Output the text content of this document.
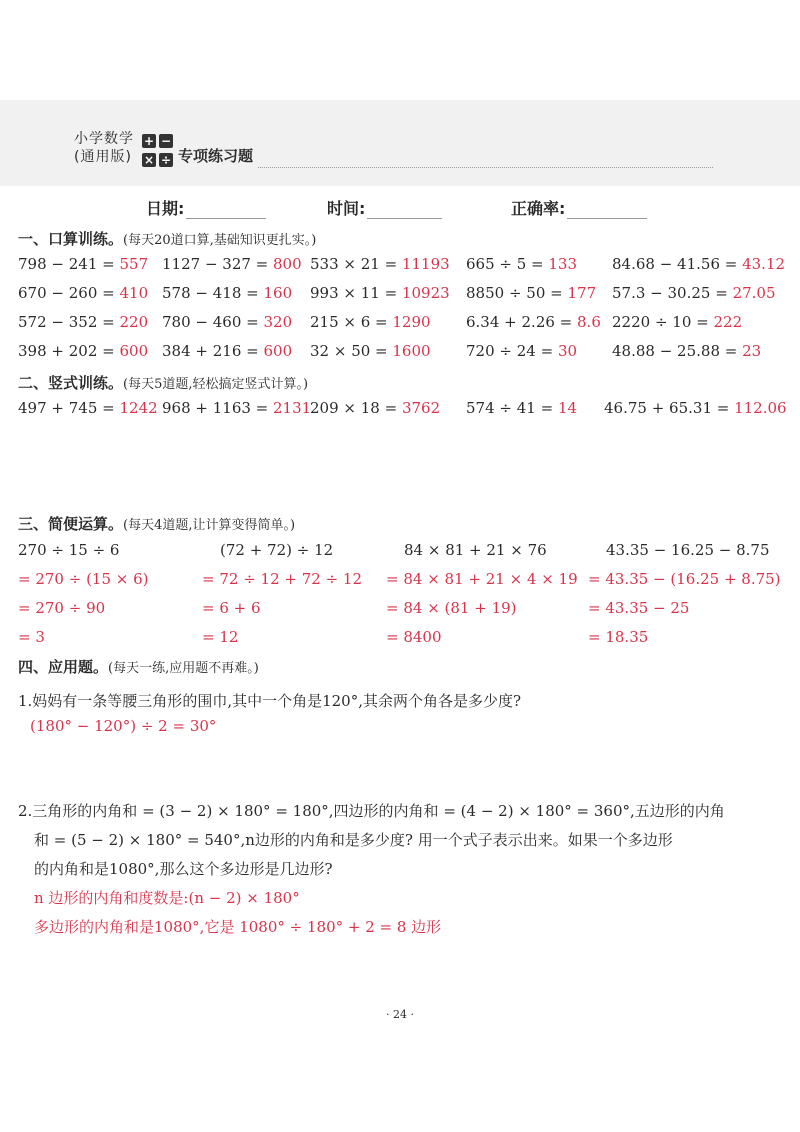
小学数学
(通用版)
+ −
× ÷ 专项练习题
日期:	时间:	正确率:
一、口算训练。(每天20道口算,基础知识更扎实。)
798 − 241 = 557 1127 − 327 = 800 533 × 21 = 11193 665 ÷ 5 = 133 84.68 − 41.56 = 43.12
670 − 260 = 410 578 − 418 = 160 993 × 11 = 10923 8850 ÷ 50 = 177 57.3 − 30.25 = 27.05
572 − 352 = 220 780 − 460 = 320 215 × 6 = 1290 6.34 + 2.26 = 8.6 2220 ÷ 10 = 222
398 + 202 = 600 384 + 216 = 600 32 × 50 = 1600 720 ÷ 24 = 30 48.88 − 25.88 = 23
二、竖式训练。(每天5道题,轻松搞定竖式计算。)
497 + 745 = 1242 968 + 1163 = 2131
209 × 18 = 3762 574 ÷ 41 = 14 46.75 + 65.31 = 112.06
三、简便运算。(每天4道题,让计算变得简单。)
270 ÷ 15 ÷ 6
= 270 ÷ (15 × 6)
= 270 ÷ 90
= 3
(72 + 72) ÷ 12
= 72 ÷ 12 + 72 ÷ 12
= 6 + 6
= 12
84 × 81 + 21 × 76
= 84 × 81 + 21 × 4 × 19
= 84 × (81 + 19)
= 8400
43.35 − 16.25 − 8.75
= 43.35 − (16.25 + 8.75)
= 43.35 − 25
= 18.35
四、应用题。(每天一练,应用题不再难。)
1.妈妈有一条等腰三角形的围巾,其中一个角是120°,其余两个角各是多少度?
(180° − 120°) ÷ 2 = 30°
2.三角形的内角和 = (3 − 2) × 180° = 180°,四边形的内角和 = (4 − 2) × 180° = 360°,五边形的内角
和 = (5 − 2) × 180° = 540°,n边形的内角和是多少度? 用一个式子表示出来。如果一个多边形
的内角和是1080°,那么这个多边形是几边形?
n 边形的内角和度数是:(n − 2) × 180°
多边形的内角和是1080°,它是 1080° ÷ 180° + 2 = 8 边形
· 24 ·
